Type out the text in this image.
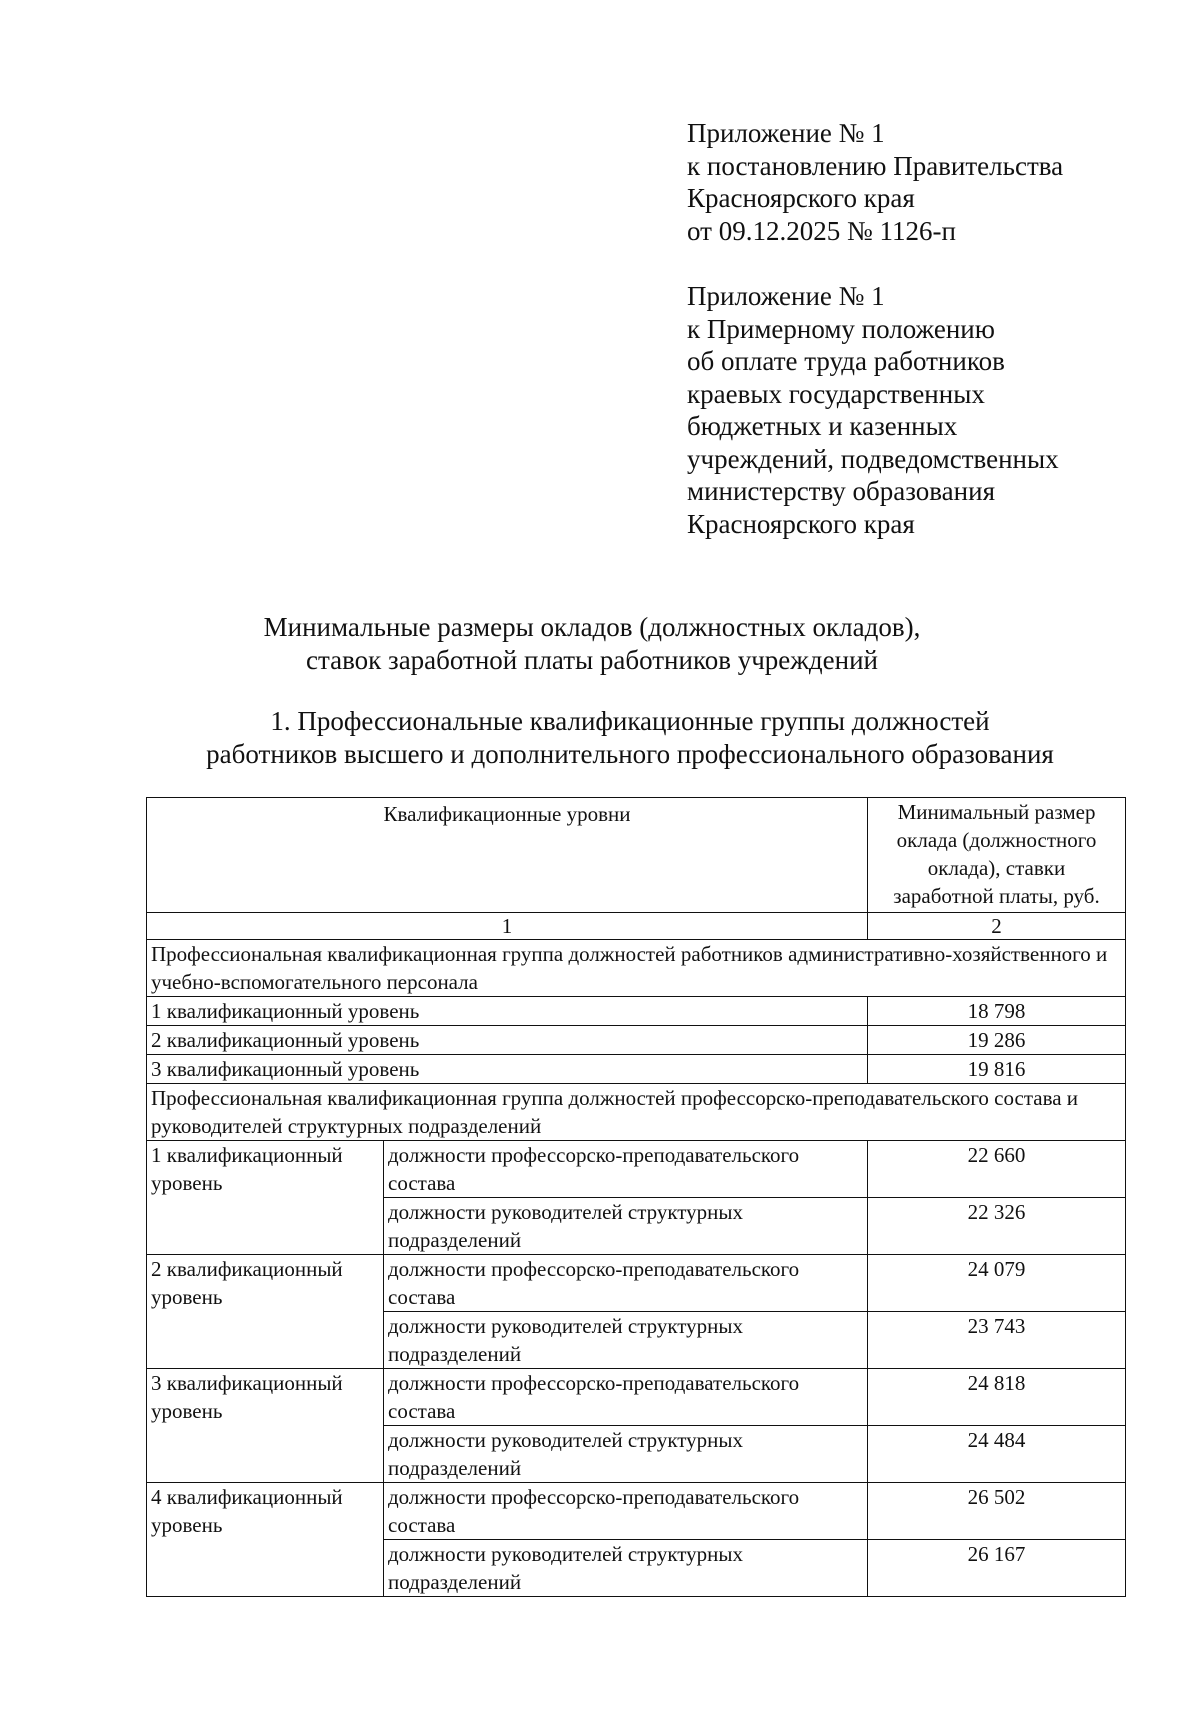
Приложение № 1
к постановлению Правительства
Красноярского края
от 09.12.2025 № 1126-п
Приложение № 1
к Примерному положению
об оплате труда работников
краевых государственных
бюджетных и казенных
учреждений, подведомственных
министерству образования
Красноярского края
Минимальные размеры окладов (должностных окладов),
ставок заработной платы работников учреждений
1. Профессиональные квалификационные группы должностей
работников высшего и дополнительного профессионального образования
Квалификационные уровни		Минимальный размер
оклада (должностного
оклада), ставки
заработной платы, руб.

1		2
Профессиональная квалификационная группа должностей работников административно-хозяйственного и учебно-вспомогательного персонала		
1 квалификационный уровень		18 798
2 квалификационный уровень		19 286
3 квалификационный уровень		19 816
Профессиональная квалификационная группа должностей профессорско-преподавательского состава и руководителей структурных подразделений		
1 квалификационный уровень	должности профессорско-преподавательского состава	22 660
	должности руководителей структурных подразделений	22 326
2 квалификационный уровень	должности профессорско-преподавательского состава	24 079
	должности руководителей структурных подразделений	23 743
3 квалификационный уровень	должности профессорско-преподавательского состава	24 818
	должности руководителей структурных подразделений	24 484
4 квалификационный уровень	должности профессорско-преподавательского состава	26 502
	должности руководителей структурных подразделений	26 167
